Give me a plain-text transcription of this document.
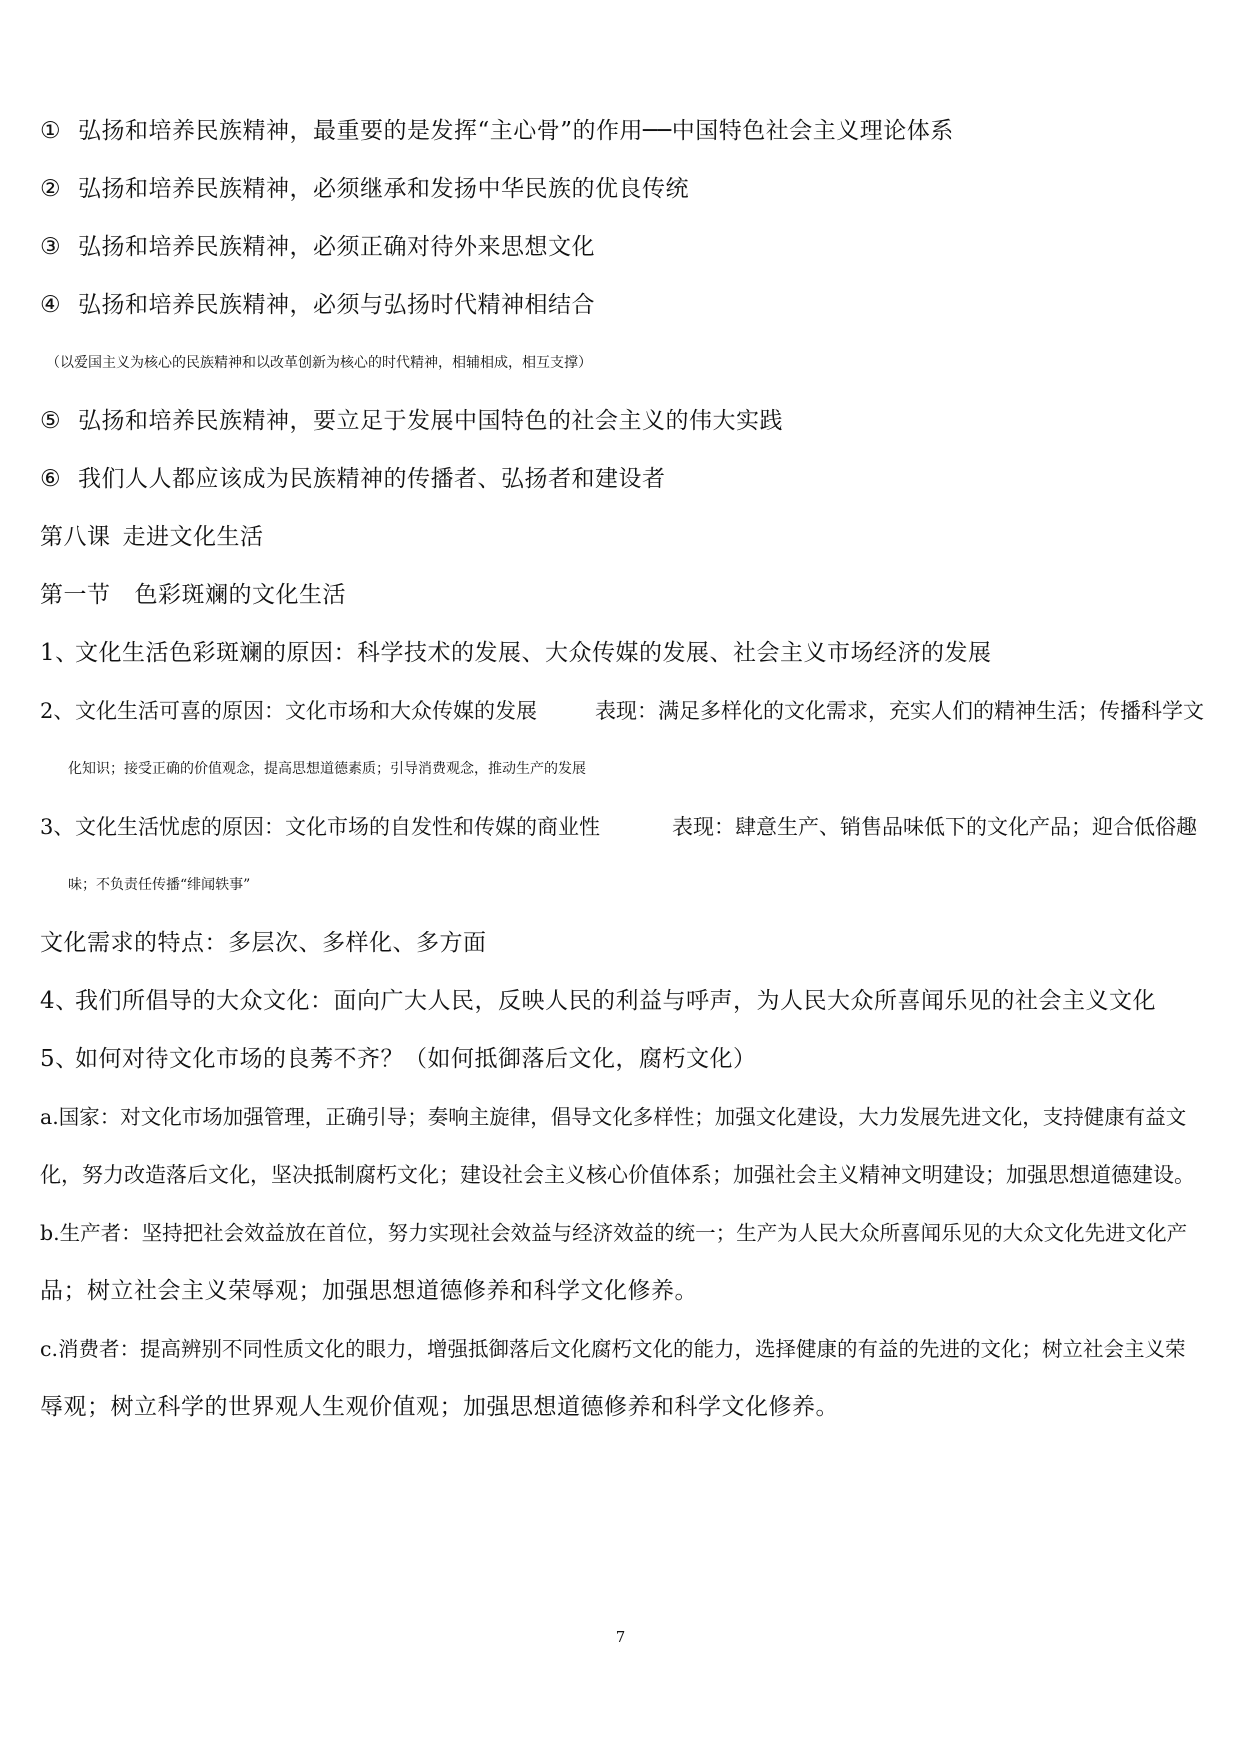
① 弘扬和培养民族精神，最重要的是发挥“主心骨”的作用──中国特色社会主义理论体系
② 弘扬和培养民族精神，必须继承和发扬中华民族的优良传统
③ 弘扬和培养民族精神，必须正确对待外来思想文化
④ 弘扬和培养民族精神，必须与弘扬时代精神相结合
（以爱国主义为核心的民族精神和以改革创新为核心的时代精神，相辅相成，相互支撑）
⑤ 弘扬和培养民族精神，要立足于发展中国特色的社会主义的伟大实践
⑥ 我们人人都应该成为民族精神的传播者、弘扬者和建设者
第八课 走进文化生活
第一节 色彩斑斓的文化生活
1、文化生活色彩斑斓的原因：科学技术的发展、大众传媒的发展、社会主义市场经济的发展
2、文化生活可喜的原因：文化市场和大众传媒的发展	表现：满足多样化的文化需求，充实人们的精神生活；传播科学文
化知识；接受正确的价值观念，提高思想道德素质；引导消费观念，推动生产的发展
3、文化生活忧虑的原因：文化市场的自发性和传媒的商业性	表现：肆意生产、销售品味低下的文化产品；迎合低俗趣
味；不负责任传播“绯闻轶事”
文化需求的特点：多层次、多样化、多方面
4、我们所倡导的大众文化：面向广大人民，反映人民的利益与呼声，为人民大众所喜闻乐见的社会主义文化
5、如何对待文化市场的良莠不齐？（如何抵御落后文化，腐朽文化）
a.国家：对文化市场加强管理，正确引导；奏响主旋律，倡导文化多样性；加强文化建设，大力发展先进文化，支持健康有益文
化，努力改造落后文化，坚决抵制腐朽文化；建设社会主义核心价值体系；加强社会主义精神文明建设；加强思想道德建设。
b.生产者：坚持把社会效益放在首位，努力实现社会效益与经济效益的统一；生产为人民大众所喜闻乐见的大众文化先进文化产
品；树立社会主义荣辱观；加强思想道德修养和科学文化修养。
c.消费者：提高辨别不同性质文化的眼力，增强抵御落后文化腐朽文化的能力，选择健康的有益的先进的文化；树立社会主义荣
辱观；树立科学的世界观人生观价值观；加强思想道德修养和科学文化修养。
7
